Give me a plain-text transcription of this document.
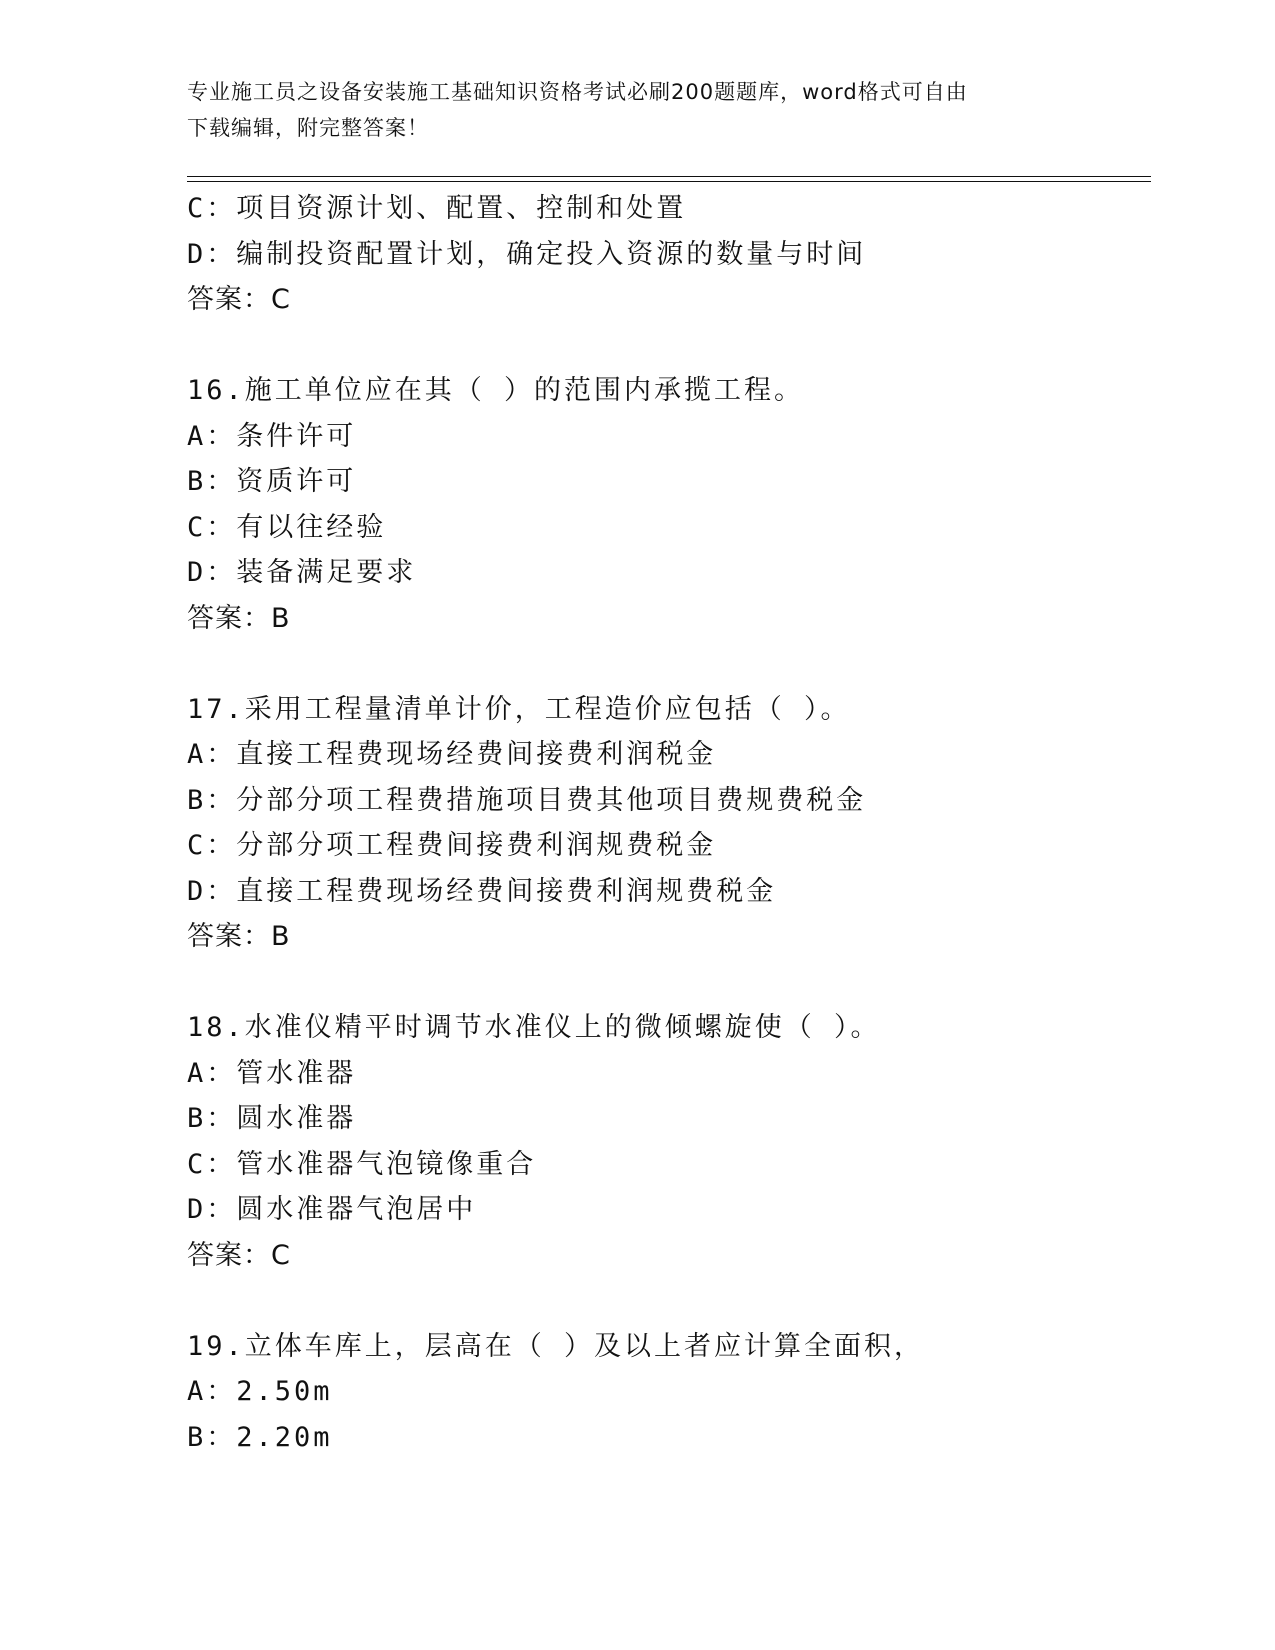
专业施工员之设备安装施工基础知识资格考试必刷200题题库，word格式可自由
下载编辑，附完整答案！
C：项目资源计划、配置、控制和处置
D：编制投资配置计划，确定投入资源的数量与时间
答案：C
16.施工单位应在其（ ）的范围内承揽工程。
A：条件许可
B：资质许可
C：有以往经验
D：装备满足要求
答案：B
17.采用工程量清单计价，工程造价应包括（ ）。
A：直接工程费现场经费间接费利润税金
B：分部分项工程费措施项目费其他项目费规费税金
C：分部分项工程费间接费利润规费税金
D：直接工程费现场经费间接费利润规费税金
答案：B
18.水准仪精平时调节水准仪上的微倾螺旋使（ ）。
A：管水准器
B：圆水准器
C：管水准器气泡镜像重合
D：圆水准器气泡居中
答案：C
19.立体车库上，层高在（ ）及以上者应计算全面积，
A：2.50m
B：2.20m
